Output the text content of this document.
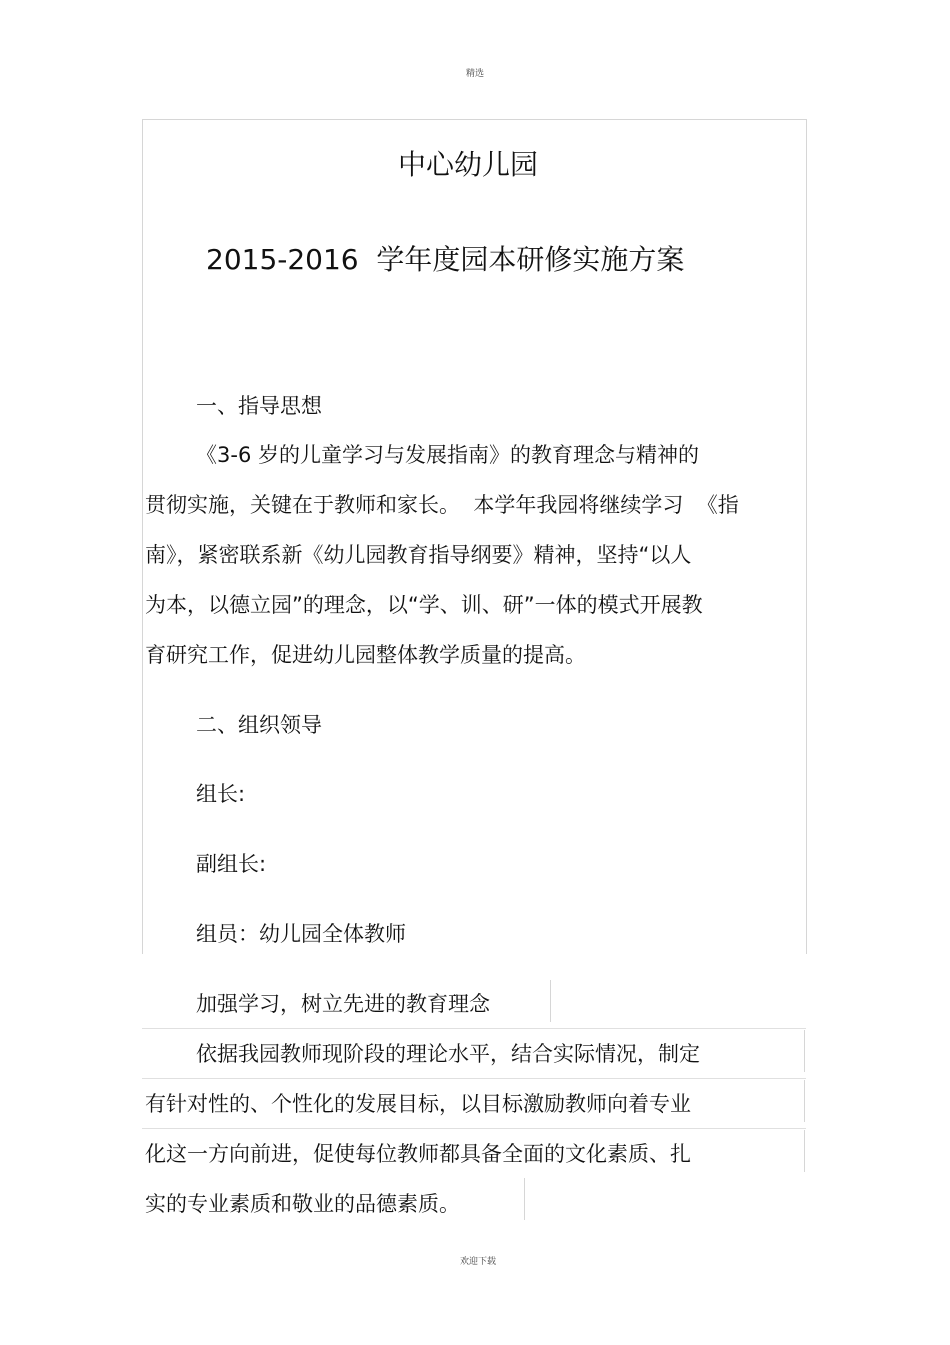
精选
中心幼儿园
2015-2016  学年度园本研修实施方案
一、指导思想
《3-6 岁的儿童学习与发展指南》的教育理念与精神的
贯彻实施，关键在于教师和家长。  本学年我园将继续学习  《指
南》，紧密联系新《幼儿园教育指导纲要》精神，坚持“以人
为本，以德立园”的理念，以“学、训、研”一体的模式开展教
育研究工作，促进幼儿园整体教学质量的提高。
二、组织领导
组长:
副组长:
组员：幼儿园全体教师
加强学习，树立先进的教育理念
依据我园教师现阶段的理论水平，结合实际情况，制定
有针对性的、个性化的发展目标，以目标激励教师向着专业
化这一方向前进，促使每位教师都具备全面的文化素质、扎
实的专业素质和敬业的品德素质。
欢迎下载
